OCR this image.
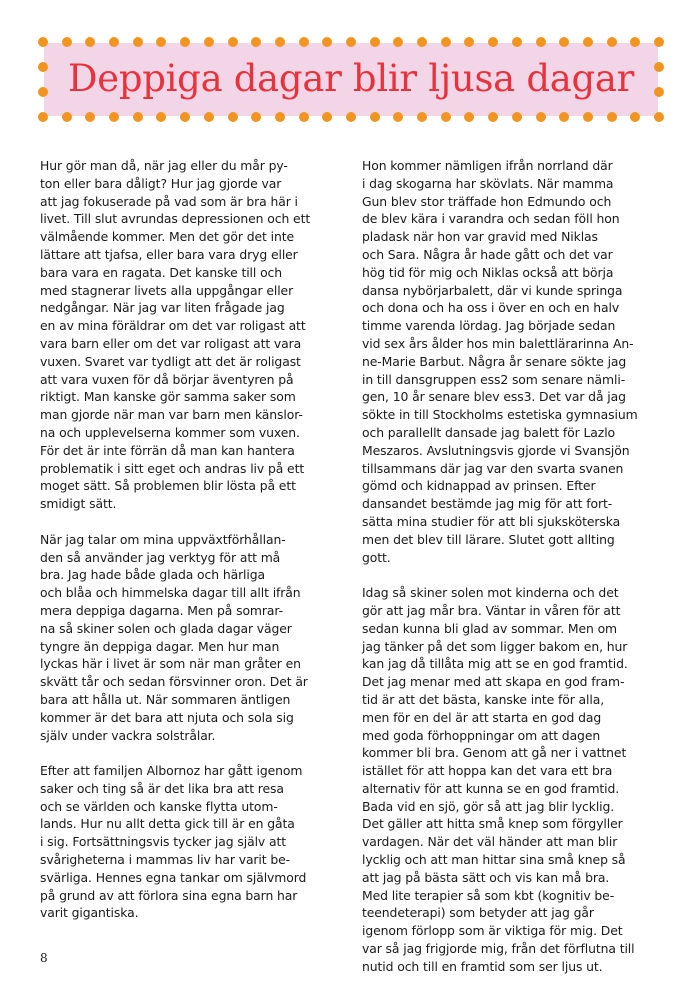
Deppiga dagar blir ljusa dagar

Hur gör man då, när jag eller du mår py-
ton eller bara dåligt? Hur jag gjorde var
att jag fokuserade på vad som är bra här i
livet. Till slut avrundas depressionen och ett
välmående kommer. Men det gör det inte
lättare att tjafsa, eller bara vara dryg eller
bara vara en ragata. Det kanske till och
med stagnerar livets alla uppgångar eller
nedgångar. När jag var liten frågade jag
en av mina föräldrar om det var roligast att
vara barn eller om det var roligast att vara
vuxen. Svaret var tydligt att det är roligast
att vara vuxen för då börjar äventyren på
riktigt. Man kanske gör samma saker som
man gjorde när man var barn men känslor-
na och upplevelserna kommer som vuxen.
För det är inte förrän då man kan hantera
problematik i sitt eget och andras liv på ett
moget sätt. Så problemen blir lösta på ett
smidigt sätt.

När jag talar om mina uppväxtförhållan-
den så använder jag verktyg för att må
bra. Jag hade både glada och härliga
och blåa och himmelska dagar till allt ifrån
mera deppiga dagarna. Men på somrar-
na så skiner solen och glada dagar väger
tyngre än deppiga dagar. Men hur man
lyckas här i livet är som när man gråter en
skvätt tår och sedan försvinner oron. Det är
bara att hålla ut. När sommaren äntligen
kommer är det bara att njuta och sola sig
själv under vackra solstrålar.

Efter att familjen Albornoz har gått igenom
saker och ting så är det lika bra att resa
och se världen och kanske flytta utom-
lands. Hur nu allt detta gick till är en gåta
i sig. Fortsättningsvis tycker jag själv att
svårigheterna i mammas liv har varit be-
svärliga. Hennes egna tankar om självmord
på grund av att förlora sina egna barn har
varit gigantiska.

Hon kommer nämligen ifrån norrland där
i dag skogarna har skövlats. När mamma
Gun blev stor träffade hon Edmundo och
de blev kära i varandra och sedan föll hon
pladask när hon var gravid med Niklas
och Sara. Några år hade gått och det var
hög tid för mig och Niklas också att börja
dansa nybörjarbalett, där vi kunde springa
och dona och ha oss i över en och en halv
timme varenda lördag. Jag började sedan
vid sex års ålder hos min balettlärarinna An-
ne-Marie Barbut. Några år senare sökte jag
in till dansgruppen ess2 som senare nämli-
gen, 10 år senare blev ess3. Det var då jag
sökte in till Stockholms estetiska gymnasium
och parallellt dansade jag balett för Lazlo
Meszaros. Avslutningsvis gjorde vi Svansjön
tillsammans där jag var den svarta svanen
gömd och kidnappad av prinsen. Efter
dansandet bestämde jag mig för att fort-
sätta mina studier för att bli sjuksköterska
men det blev till lärare. Slutet gott allting
gott.

Idag så skiner solen mot kinderna och det
gör att jag mår bra. Väntar in våren för att
sedan kunna bli glad av sommar. Men om
jag tänker på det som ligger bakom en, hur
kan jag då tillåta mig att se en god framtid.
Det jag menar med att skapa en god fram-
tid är att det bästa, kanske inte för alla,
men för en del är att starta en god dag
med goda förhoppningar om att dagen
kommer bli bra. Genom att gå ner i vattnet
istället för att hoppa kan det vara ett bra
alternativ för att kunna se en god framtid.
Bada vid en sjö, gör så att jag blir lycklig.
Det gäller att hitta små knep som förgyller
vardagen. När det väl händer att man blir
lycklig och att man hittar sina små knep så
att jag på bästa sätt och vis kan må bra.
Med lite terapier så som kbt (kognitiv be-
teendeterapi) som betyder att jag går
igenom förlopp som är viktiga för mig. Det
var så jag frigjorde mig, från det förflutna till
nutid och till en framtid som ser ljus ut.

8
